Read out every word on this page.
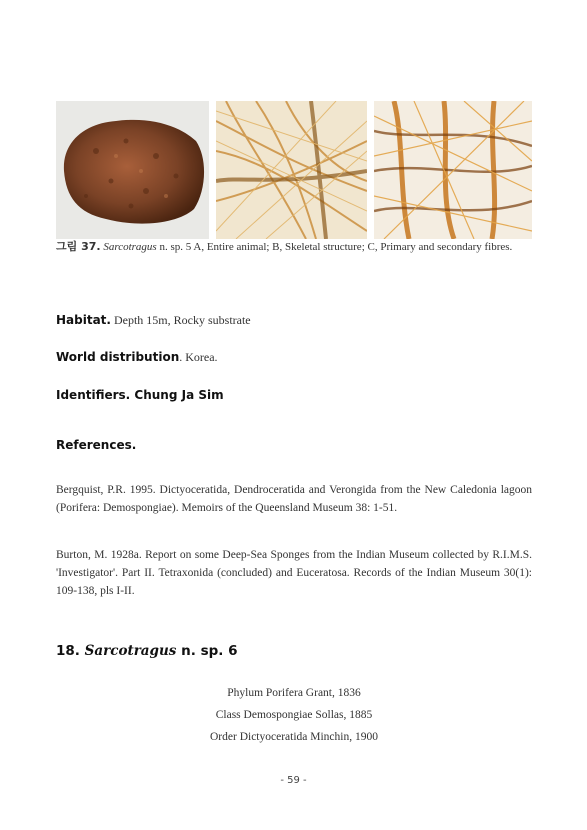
그림 37. Sarcotragus n. sp. 5 A, Entire animal; B, Skeletal structure; C, Primary and secondary fibres.
Habitat. Depth 15m, Rocky substrate
World distribution. Korea.
Identifiers. Chung Ja Sim
References.
Bergquist, P.R. 1995. Dictyoceratida, Dendroceratida and Verongida from the New Caledonia lagoon (Porifera: Demospongiae). Memoirs of the Queensland Museum 38: 1-51.
Burton, M. 1928a. Report on some Deep-Sea Sponges from the Indian Museum collected by R.I.M.S. 'Investigator'. Part II. Tetraxonida (concluded) and Euceratosa. Records of the Indian Museum 30(1): 109-138, pls I-II.
18. Sarcotragus n. sp. 6
Phylum Porifera Grant, 1836
Class Demospongiae Sollas, 1885
Order Dictyoceratida Minchin, 1900
- 59 -
